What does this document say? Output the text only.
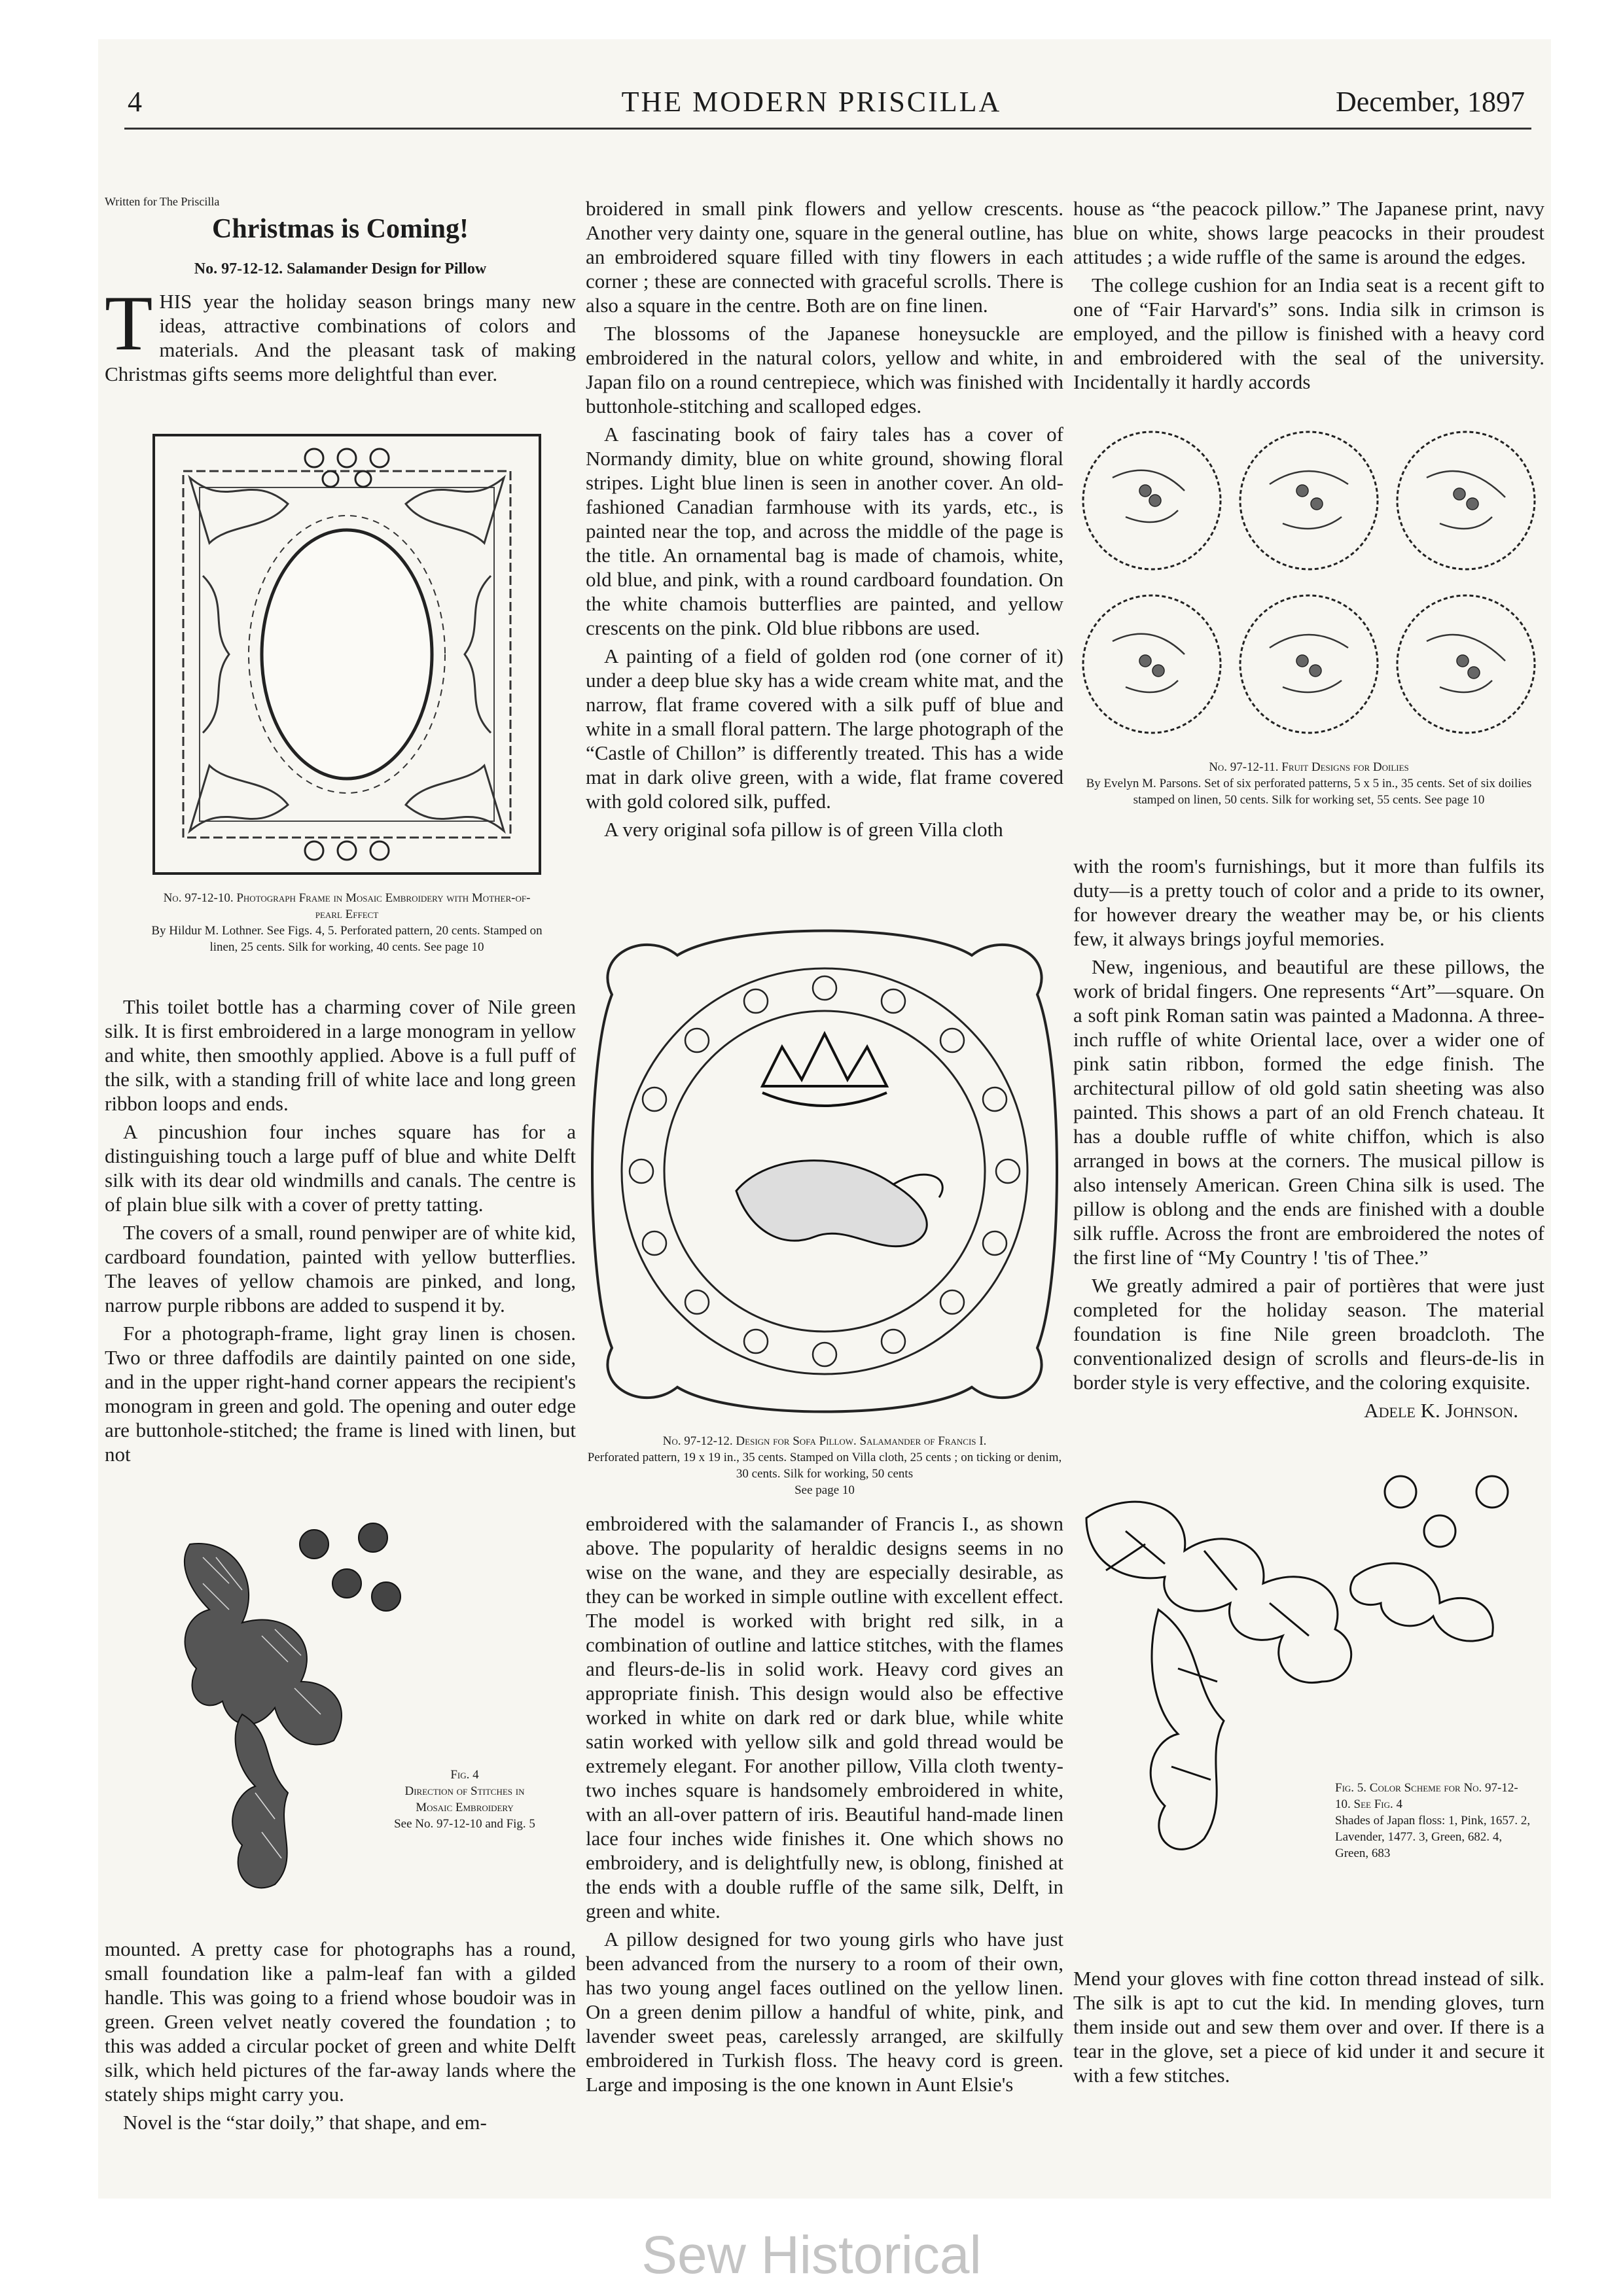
4	THE MODERN PRISCILLA	December, 1897
Written for The Priscilla
Christmas is Coming!
No. 97-12-12. Salamander Design for Pillow
T HIS year the holiday season brings many new ideas, attractive combinations of colors and materials. And the pleasant task of making Christmas gifts seems more delightful than ever.
No. 97-12-10. Photograph Frame in Mosaic Embroidery with Mother-of-pearl Effect
By Hildur M. Lothner. See Figs. 4, 5. Perforated pattern, 20 cents. Stamped on linen, 25 cents. Silk for working, 40 cents. See page 10

This toilet bottle has a charming cover of Nile green silk. It is first embroidered in a large monogram in yellow and white, then smoothly applied. Above is a full puff of the silk, with a standing frill of white lace and long green ribbon loops and ends.

A pincushion four inches square has for a distinguishing touch a large puff of blue and white Delft silk with its dear old windmills and canals. The centre is of plain blue silk with a cover of pretty tatting.

The covers of a small, round penwiper are of white kid, cardboard foundation, painted with yellow butterflies. The leaves of yellow chamois are pinked, and long, narrow purple ribbons are added to suspend it by.

For a photograph-frame, light gray linen is chosen. Two or three daffodils are daintily painted on one side, and in the upper right-hand corner appears the recipient's monogram in green and gold. The opening and outer edge are buttonhole-stitched; the frame is lined with linen, but not

Fig. 4
Direction of Stitches in Mosaic Embroidery
See No. 97-12-10 and Fig. 5

mounted. A pretty case for photographs has a round, small foundation like a palm-leaf fan with a gilded handle. This was going to a friend whose boudoir was in green. Green velvet neatly covered the foundation ; to this was added a circular pocket of green and white Delft silk, which held pictures of the far-away lands where the stately ships might carry you.

Novel is the “star doily,” that shape, and em-

broidered in small pink flowers and yellow crescents. Another very dainty one, square in the general outline, has an embroidered square filled with tiny flowers in each corner ; these are connected with graceful scrolls. There is also a square in the centre. Both are on fine linen.

The blossoms of the Japanese honeysuckle are embroidered in the natural colors, yellow and white, in Japan filo on a round centrepiece, which was finished with buttonhole-stitching and scalloped edges.

A fascinating book of fairy tales has a cover of Normandy dimity, blue on white ground, showing floral stripes. Light blue linen is seen in another cover. An old-fashioned Canadian farmhouse with its yards, etc., is painted near the top, and across the middle of the page is the title. An ornamental bag is made of chamois, white, old blue, and pink, with a round cardboard foundation. On the white chamois butterflies are painted, and yellow crescents on the pink. Old blue ribbons are used.

A painting of a field of golden rod (one corner of it) under a deep blue sky has a wide cream white mat, and the narrow, flat frame covered with a silk puff of blue and white in a small floral pattern. The large photograph of the “Castle of Chillon” is differently treated. This has a wide mat in dark olive green, with a wide, flat frame covered with gold colored silk, puffed.

A very original sofa pillow is of green Villa cloth

No. 97-12-12. Design for Sofa Pillow. Salamander of Francis I.
Perforated pattern, 19 x 19 in., 35 cents. Stamped on Villa cloth, 25 cents ; on ticking or denim, 30 cents. Silk for working, 50 cents
See page 10

embroidered with the salamander of Francis I., as shown above. The popularity of heraldic designs seems in no wise on the wane, and they are especially desirable, as they can be worked in simple outline with excellent effect. The model is worked with bright red silk, in a combination of outline and lattice stitches, with the flames and fleurs-de-lis in solid work. Heavy cord gives an appropriate finish. This design would also be effective worked in white on dark red or dark blue, while white satin worked with yellow silk and gold thread would be extremely elegant. For another pillow, Villa cloth twenty-two inches square is handsomely embroidered in white, with an all-over pattern of iris. Beautiful hand-made linen lace four inches wide finishes it. One which shows no embroidery, and is delightfully new, is oblong, finished at the ends with a double ruffle of the same silk, Delft, in green and white.

A pillow designed for two young girls who have just been advanced from the nursery to a room of their own, has two young angel faces outlined on the yellow linen. On a green denim pillow a handful of white, pink, and lavender sweet peas, carelessly arranged, are skilfully embroidered in Turkish floss. The heavy cord is green. Large and imposing is the one known in Aunt Elsie's

house as “the peacock pillow.” The Japanese print, navy blue on white, shows large peacocks in their proudest attitudes ; a wide ruffle of the same is around the edges.

The college cushion for an India seat is a recent gift to one of “Fair Harvard's” sons. India silk in crimson is employed, and the pillow is finished with a heavy cord and embroidered with the seal of the university. Incidentally it hardly accords

No. 97-12-11. Fruit Designs for Doilies
By Evelyn M. Parsons. Set of six perforated patterns, 5 x 5 in., 35 cents. Set of six doilies stamped on linen, 50 cents. Silk for working set, 55 cents. See page 10

with the room's furnishings, but it more than fulfils its duty—is a pretty touch of color and a pride to its owner, for however dreary the weather may be, or his clients few, it always brings joyful memories.

New, ingenious, and beautiful are these pillows, the work of bridal fingers. One represents “Art”—square. On a soft pink Roman satin was painted a Madonna. A three-inch ruffle of white Oriental lace, over a wider one of pink satin ribbon, formed the edge finish. The architectural pillow of old gold satin sheeting was also painted. This shows a part of an old French chateau. It has a double ruffle of white chiffon, which is also arranged in bows at the corners. The musical pillow is also intensely American. Green China silk is used. The pillow is oblong and the ends are finished with a double silk ruffle. Across the front are embroidered the notes of the first line of “My Country ! 'tis of Thee.”

We greatly admired a pair of portières that were just completed for the holiday season. The material foundation is fine Nile green broadcloth. The conventionalized design of scrolls and fleurs-de-lis in border style is very effective, and the coloring exquisite.

Adele K. Johnson.
Fig. 5. Color Scheme for No. 97-12-10. See Fig. 4
Shades of Japan floss: 1, Pink, 1657. 2, Lavender, 1477. 3, Green, 682. 4, Green, 683

Mend your gloves with fine cotton thread instead of silk. The silk is apt to cut the kid. In mending gloves, turn them inside out and sew them over and over. If there is a tear in the glove, set a piece of kid under it and secure it with a few stitches.

Sew Historical
